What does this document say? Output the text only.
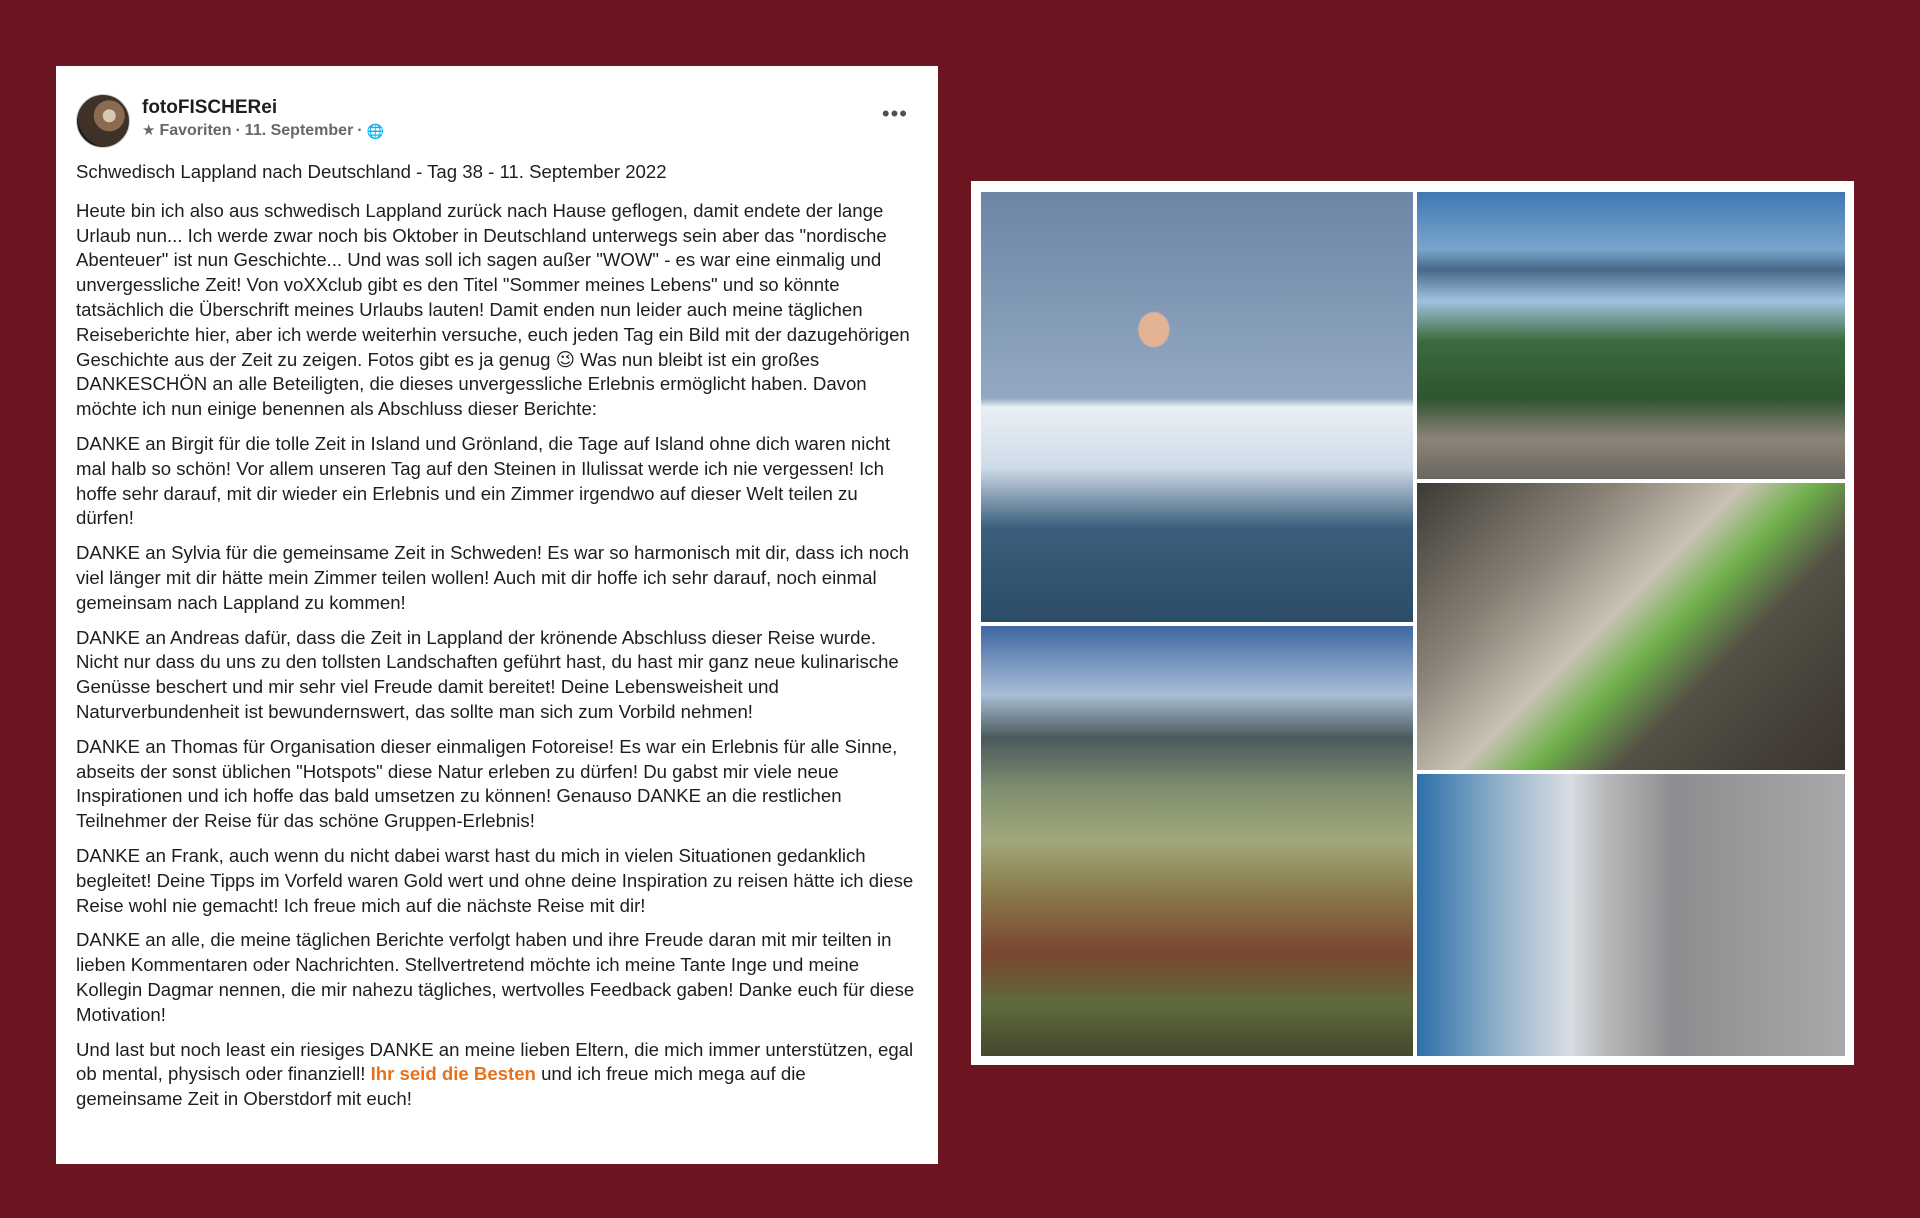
fotoFISCHERei
★ Favoriten · 11. September · 🌐
•••

Schwedisch Lappland nach Deutschland - Tag 38 - 11. September 2022

Heute bin ich also aus schwedisch Lappland zurück nach Hause geflogen, damit endete der lange Urlaub nun... Ich werde zwar noch bis Oktober in Deutschland unterwegs sein aber das "nordische Abenteuer" ist nun Geschichte... Und was soll ich sagen außer "WOW" - es war eine einmalig und unvergessliche Zeit! Von voXXclub gibt es den Titel "Sommer meines Lebens" und so könnte tatsächlich die Überschrift meines Urlaubs lauten! Damit enden nun leider auch meine täglichen Reiseberichte hier, aber ich werde weiterhin versuche, euch jeden Tag ein Bild mit der dazugehörigen Geschichte aus der Zeit zu zeigen. Fotos gibt es ja genug 😉 Was nun bleibt ist ein großes DANKESCHÖN an alle Beteiligten, die dieses unvergessliche Erlebnis ermöglicht haben. Davon möchte ich nun einige benennen als Abschluss dieser Berichte:

DANKE an Birgit für die tolle Zeit in Island und Grönland, die Tage auf Island ohne dich waren nicht mal halb so schön! Vor allem unseren Tag auf den Steinen in Ilulissat werde ich nie vergessen! Ich hoffe sehr darauf, mit dir wieder ein Erlebnis und ein Zimmer irgendwo auf dieser Welt teilen zu dürfen!

DANKE an Sylvia für die gemeinsame Zeit in Schweden! Es war so harmonisch mit dir, dass ich noch viel länger mit dir hätte mein Zimmer teilen wollen! Auch mit dir hoffe ich sehr darauf, noch einmal gemeinsam nach Lappland zu kommen!

DANKE an Andreas dafür, dass die Zeit in Lappland der krönende Abschluss dieser Reise wurde. Nicht nur dass du uns zu den tollsten Landschaften geführt hast, du hast mir ganz neue kulinarische Genüsse beschert und mir sehr viel Freude damit bereitet! Deine Lebensweisheit und Naturverbundenheit ist bewundernswert, das sollte man sich zum Vorbild nehmen!

DANKE an Thomas für Organisation dieser einmaligen Fotoreise! Es war ein Erlebnis für alle Sinne, abseits der sonst üblichen "Hotspots" diese Natur erleben zu dürfen! Du gabst mir viele neue Inspirationen und ich hoffe das bald umsetzen zu können! Genauso DANKE an die restlichen Teilnehmer der Reise für das schöne Gruppen-Erlebnis!

DANKE an Frank, auch wenn du nicht dabei warst hast du mich in vielen Situationen gedanklich begleitet! Deine Tipps im Vorfeld waren Gold wert und ohne deine Inspiration zu reisen hätte ich diese Reise wohl nie gemacht! Ich freue mich auf die nächste Reise mit dir!

DANKE an alle, die meine täglichen Berichte verfolgt haben und ihre Freude daran mit mir teilten in lieben Kommentaren oder Nachrichten. Stellvertretend möchte ich meine Tante Inge und meine Kollegin Dagmar nennen, die mir nahezu tägliches, wertvolles Feedback gaben! Danke euch für diese Motivation!

Und last but noch least ein riesiges DANKE an meine lieben Eltern, die mich immer unterstützen, egal ob mental, physisch oder finanziell! Ihr seid die Besten und ich freue mich mega auf die gemeinsame Zeit in Oberstdorf mit euch!
